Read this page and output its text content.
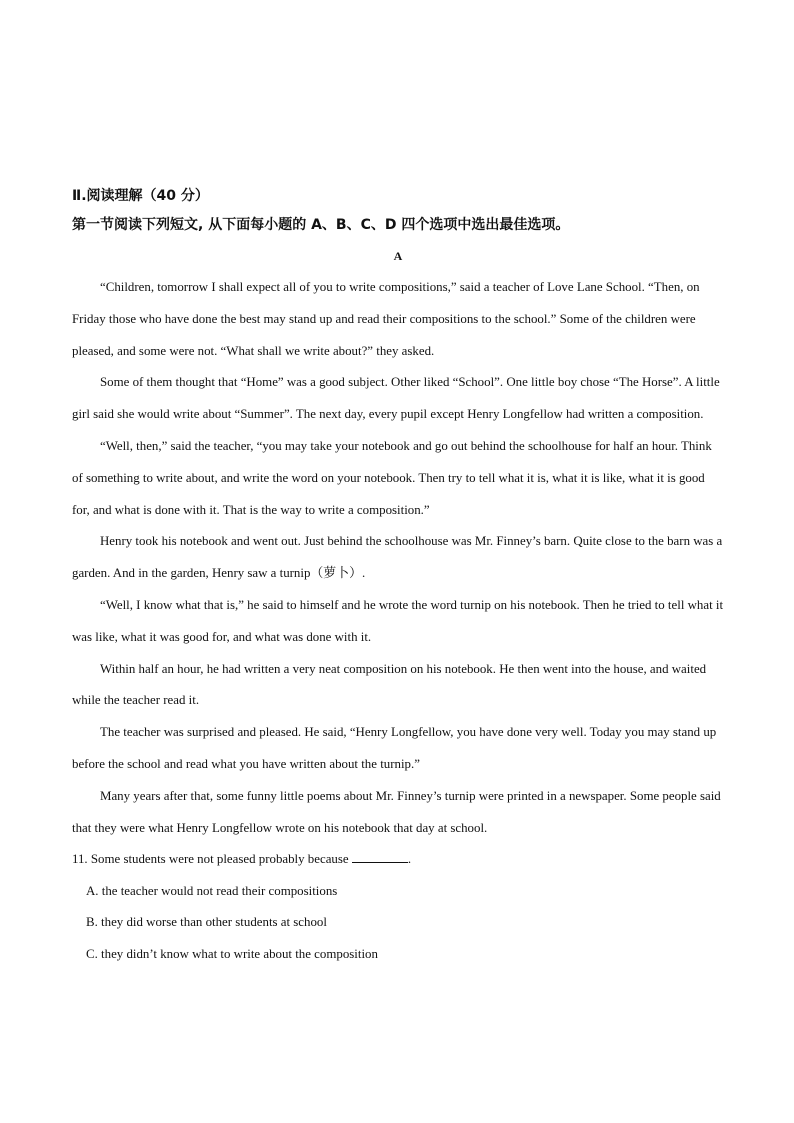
Ⅱ.阅读理解（40 分）

第一节阅读下列短文, 从下面每小题的 A、B、C、D 四个选项中选出最佳选项。

A

“Children, tomorrow I shall expect all of you to write compositions,” said a teacher of Love Lane School. “Then, on Friday those who have done the best may stand up and read their compositions to the school.” Some of the children were pleased, and some were not. “What shall we write about?” they asked.

Some of them thought that “Home” was a good subject. Other liked “School”. One little boy chose “The Horse”. A little girl said she would write about “Summer”. The next day, every pupil except Henry Longfellow had written a composition.

“Well, then,” said the teacher, “you may take your notebook and go out behind the schoolhouse for half an hour. Think of something to write about, and write the word on your notebook. Then try to tell what it is, what it is like, what it is good for, and what is done with it. That is the way to write a composition.”

Henry took his notebook and went out. Just behind the schoolhouse was Mr. Finney’s barn. Quite close to the barn was a garden. And in the garden, Henry saw a turnip（萝卜）.

“Well, I know what that is,” he said to himself and he wrote the word turnip on his notebook. Then he tried to tell what it was like, what it was good for, and what was done with it.

Within half an hour, he had written a very neat composition on his notebook. He then went into the house, and waited while the teacher read it.

The teacher was surprised and pleased. He said, “Henry Longfellow, you have done very well. Today you may stand up before the school and read what you have written about the turnip.”

Many years after that, some funny little poems about Mr. Finney’s turnip were printed in a newspaper. Some people said that they were what Henry Longfellow wrote on his notebook that day at school.

11. Some students were not pleased probably because	.

A. the teacher would not read their compositions

B. they did worse than other students at school

C. they didn’t know what to write about the composition
